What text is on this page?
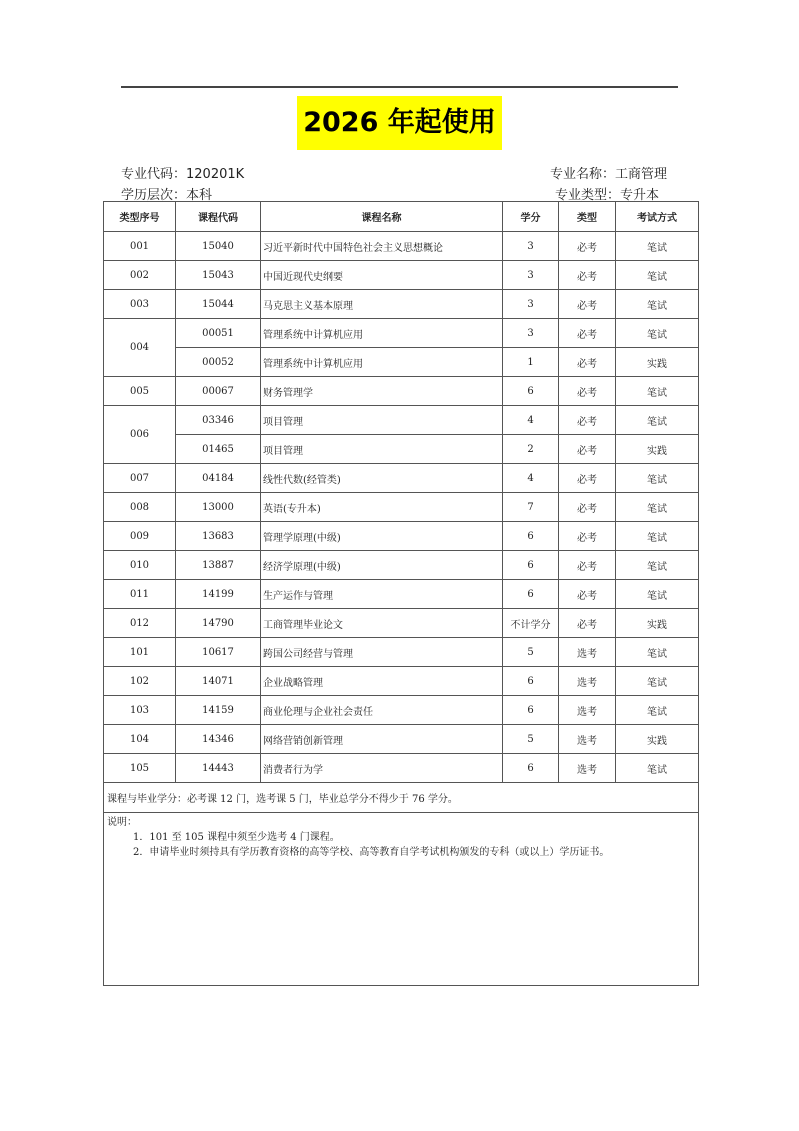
2026 年起使用
专业代码：120201K	专业名称：工商管理
学历层次：本科	专业类型：专升本
类型序号	课程代码	课程名称	学分	类型	考试方式
001	15040	习近平新时代中国特色社会主义思想概论	3	必考	笔试
002	15043	中国近现代史纲要	3	必考	笔试
003	15044	马克思主义基本原理	3	必考	笔试
004	00051	管理系统中计算机应用	3	必考	笔试
	00052	管理系统中计算机应用	1	必考	实践
005	00067	财务管理学	6	必考	笔试
006	03346	项目管理	4	必考	笔试
	01465	项目管理	2	必考	实践
007	04184	线性代数(经管类)	4	必考	笔试
008	13000	英语(专升本)	7	必考	笔试
009	13683	管理学原理(中级)	6	必考	笔试
010	13887	经济学原理(中级)	6	必考	笔试
011	14199	生产运作与管理	6	必考	笔试
012	14790	工商管理毕业论文	不计学分	必考	实践
101	10617	跨国公司经营与管理	5	选考	笔试
102	14071	企业战略管理	6	选考	笔试
103	14159	商业伦理与企业社会责任	6	选考	笔试
104	14346	网络营销创新管理	5	选考	实践
105	14443	消费者行为学	6	选考	笔试
课程与毕业学分：必考课 12 门，选考课 5 门，毕业总学分不得少于 76 学分。					

说明：
1．101 至 105 课程中须至少选考 4 门课程。
2．申请毕业时须持具有学历教育资格的高等学校、高等教育自学考试机构颁发的专科（或以上）学历证书。					
